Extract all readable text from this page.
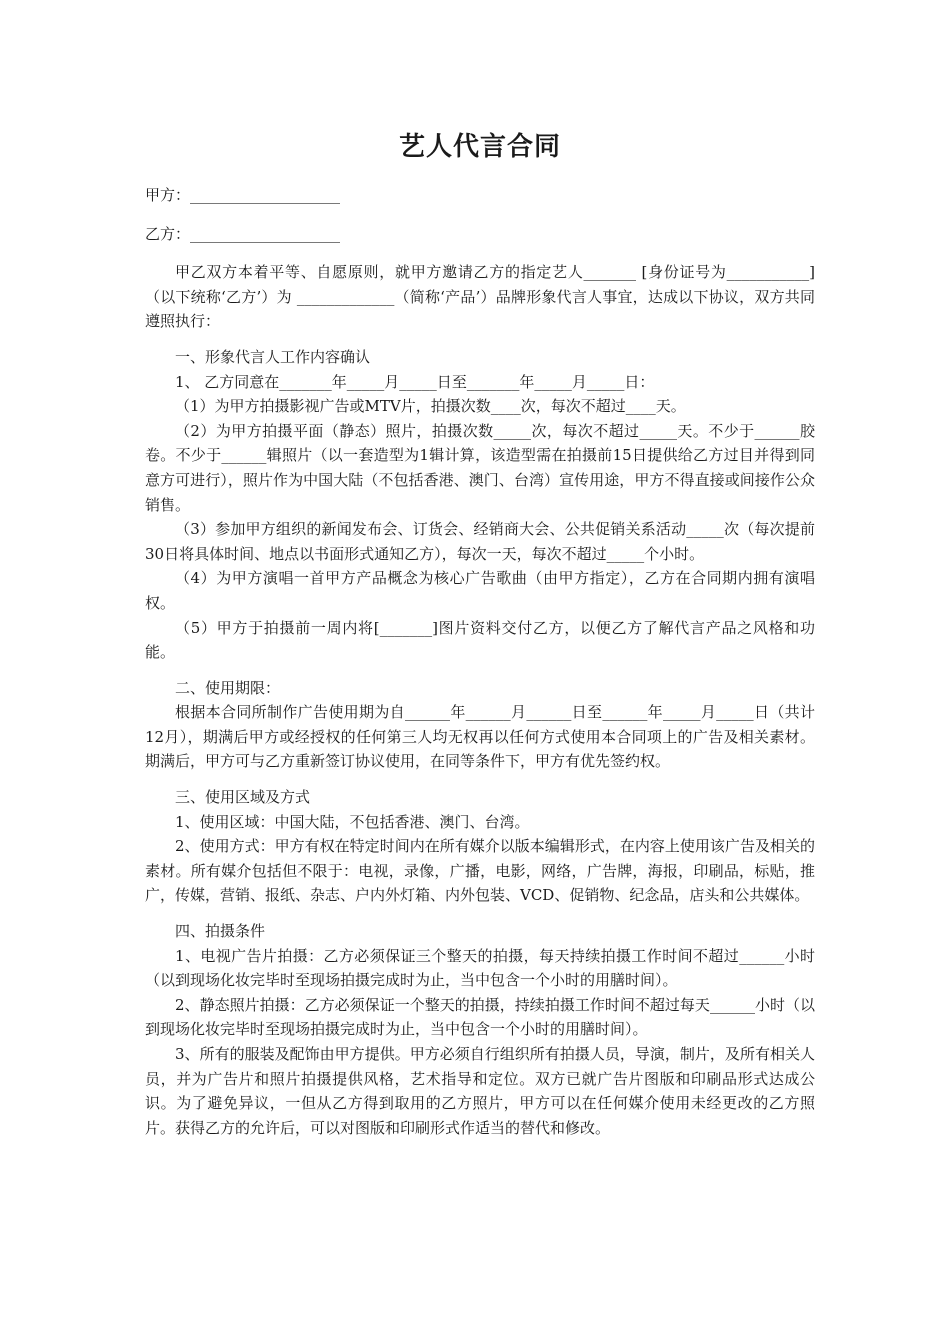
艺人代言合同
甲方：____________________
乙方：____________________

甲乙双方本着平等、自愿原则，就甲方邀请乙方的指定艺人_______ [身份证号为___________]（以下统称‘乙方’）为 _____________（简称‘产品’）品牌形象代言人事宜，达成以下协议，双方共同遵照执行：

一、形象代言人工作内容确认

1、 乙方同意在_______年_____月_____日至_______年_____月_____日：

（1）为甲方拍摄影视广告或MTV片，拍摄次数____次，每次不超过____天。

（2）为甲方拍摄平面（静态）照片，拍摄次数_____次，每次不超过_____天。不少于______胶卷。不少于______辑照片（以一套造型为1辑计算，该造型需在拍摄前15日提供给乙方过目并得到同意方可进行），照片作为中国大陆（不包括香港、澳门、台湾）宣传用途，甲方不得直接或间接作公众销售。

（3）参加甲方组织的新闻发布会、订货会、经销商大会、公共促销关系活动_____次（每次提前30日将具体时间、地点以书面形式通知乙方），每次一天，每次不超过_____个小时。

（4）为甲方演唱一首甲方产品概念为核心广告歌曲（由甲方指定），乙方在合同期内拥有演唱权。

（5）甲方于拍摄前一周内将[_______]图片资料交付乙方，以便乙方了解代言产品之风格和功能。

二、使用期限：

根据本合同所制作广告使用期为自______年______月______日至______年_____月_____日（共计12月），期满后甲方或经授权的任何第三人均无权再以任何方式使用本合同项上的广告及相关素材。期满后，甲方可与乙方重新签订协议使用，在同等条件下，甲方有优先签约权。

三、使用区域及方式

1、使用区域：中国大陆，不包括香港、澳门、台湾。

2、使用方式：甲方有权在特定时间内在所有媒介以版本编辑形式，在内容上使用该广告及相关的素材。所有媒介包括但不限于：电视，录像，广播，电影，网络，广告牌，海报，印刷品，标贴，推广，传媒，营销、报纸、杂志、户内外灯箱、内外包装、VCD、促销物、纪念品，店头和公共媒体。

四、拍摄条件

1、电视广告片拍摄：乙方必须保证三个整天的拍摄，每天持续拍摄工作时间不超过______小时（以到现场化妆完毕时至现场拍摄完成时为止，当中包含一个小时的用膳时间）。

2、静态照片拍摄：乙方必须保证一个整天的拍摄，持续拍摄工作时间不超过每天______小时（以到现场化妆完毕时至现场拍摄完成时为止，当中包含一个小时的用膳时间）。

3、所有的服装及配饰由甲方提供。甲方必须自行组织所有拍摄人员，导演，制片，及所有相关人员，并为广告片和照片拍摄提供风格，艺术指导和定位。双方已就广告片图版和印刷品形式达成公识。为了避免异议，一但从乙方得到取用的乙方照片，甲方可以在任何媒介使用未经更改的乙方照片。获得乙方的允许后，可以对图版和印刷形式作适当的替代和修改。
